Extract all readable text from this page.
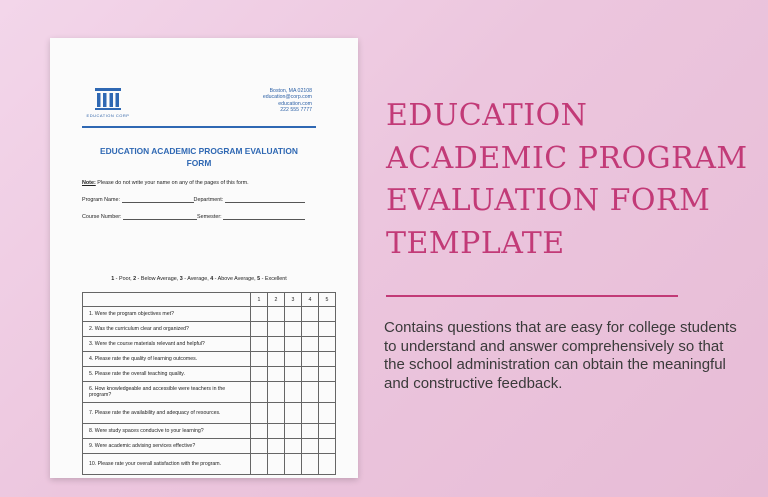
EDUCATION CORP
Boston, MA 02108
education@corp.com
education.com
222 555 7777
EDUCATION ACADEMIC PROGRAM EVALUATION
FORM
Note: Please do not write your name on any of the pages of this form.
Program Name:	Department:
Course Number:	Semester:
1 - Poor, 2 - Below Average, 3 - Average, 4 - Above Average, 5 - Excellent
	1	2	3	4	5
1. Were the program objectives met?					
2. Was the curriculum clear and organized?					
3. Were the course materials relevant and helpful?					
4. Please rate the quality of learning outcomes.					
5. Please rate the overall teaching quality.					
6. How knowledgeable and accessible were teachers in the program?					
7. Please rate the availability and adequacy of resources.					
8. Were study spaces conducive to your learning?					
9. Were academic advising services effective?					
10. Please rate your overall satisfaction with the program.					
EDUCATION
ACADEMIC PROGRAM
EVALUATION FORM
TEMPLATE
Contains questions that are easy for college students to understand and answer comprehensively so that the school administration can obtain the meaningful and constructive feedback.
